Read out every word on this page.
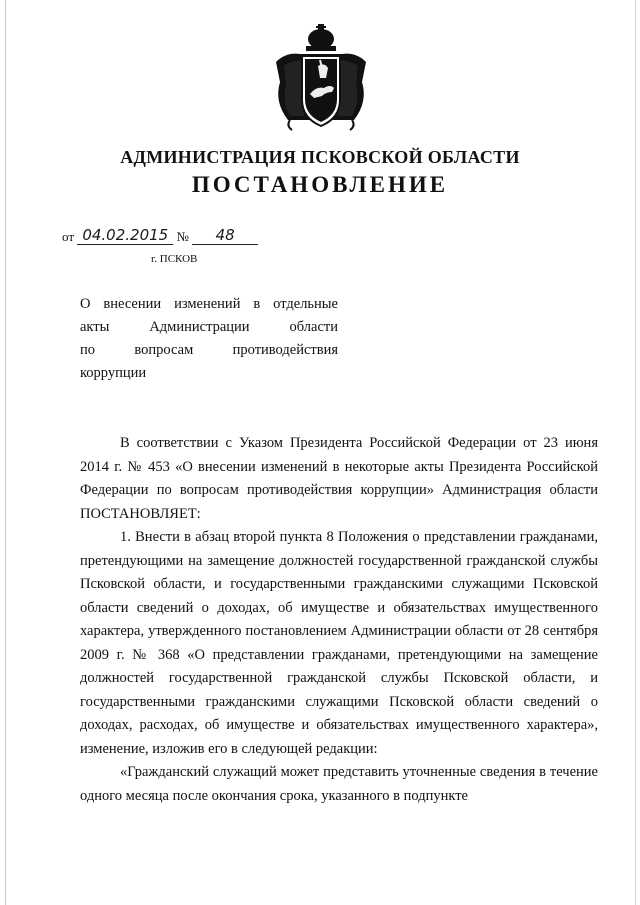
АДМИНИСТРАЦИЯ ПСКОВСКОЙ ОБЛАСТИ
ПОСТАНОВЛЕНИЕ
от 04.02.2015 № 48
г. ПСКОВ
О внесении изменений в отдельные
акты Администрации области
по вопросам противодействия
коррупции

В соответствии с Указом Президента Российской Федерации от 23 июня 2014 г. № 453 «О внесении изменений в некоторые акты Президента Российской Федерации по вопросам противодействия коррупции» Администрация области ПОСТАНОВЛЯЕТ:

1. Внести в абзац второй пункта 8 Положения о представлении гражданами, претендующими на замещение должностей государственной гражданской службы Псковской области, и государственными гражданскими служащими Псковской области сведений о доходах, об имуществе и обязательствах имущественного характера, утвержденного постановлением Администрации области от 28 сентября 2009 г. № 368 «О представлении гражданами, претендующими на замещение должностей государственной гражданской службы Псковской области, и государственными гражданскими служащими Псковской области сведений о доходах, расходах, об имуществе и обязательствах имущественного характера», изменение, изложив его в следующей редакции:

«Гражданский служащий может представить уточненные сведения в течение одного месяца после окончания срока, указанного в подпункте
